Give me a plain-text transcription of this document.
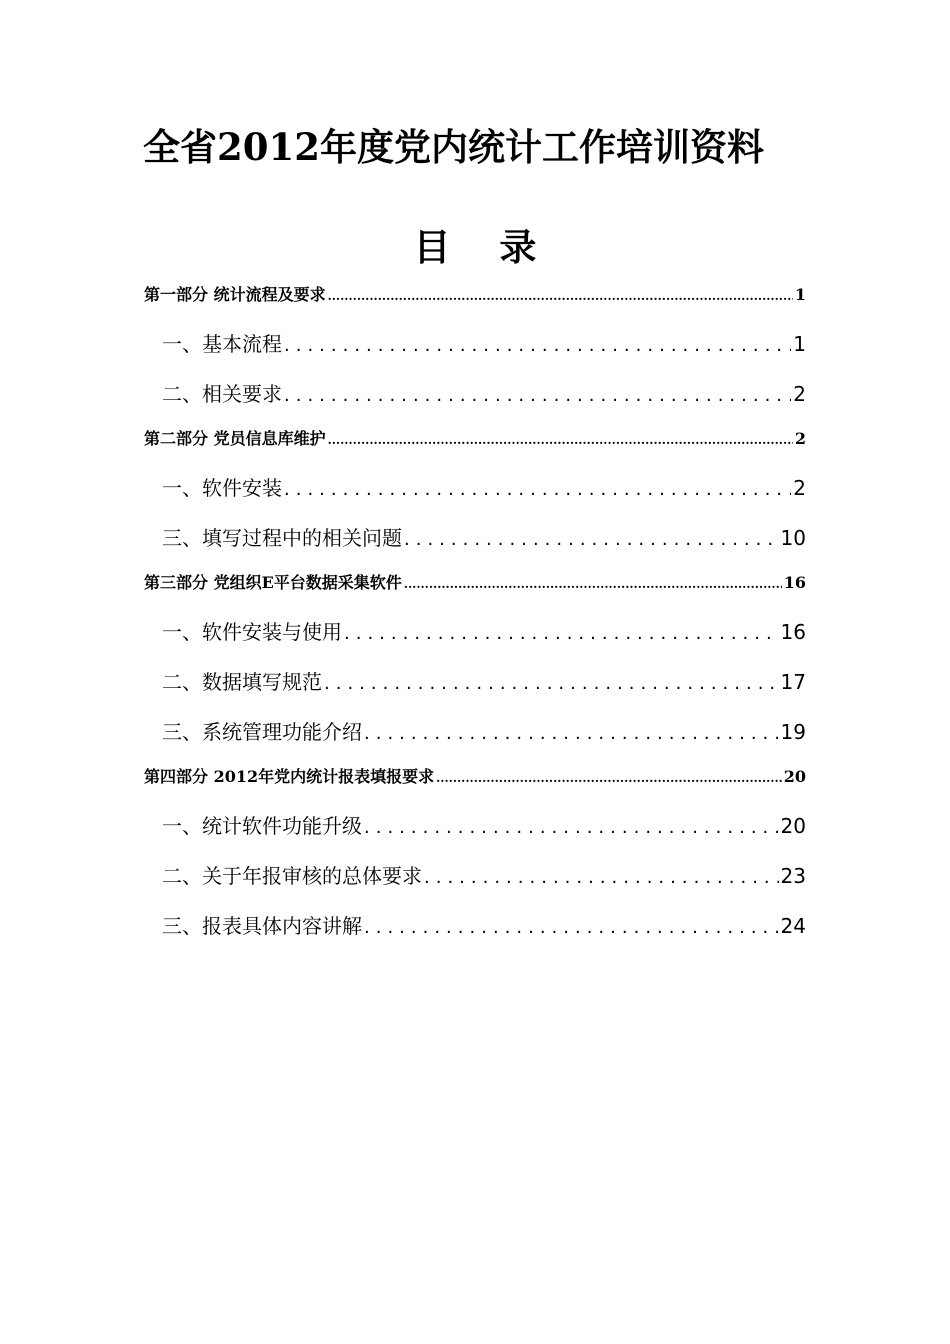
全省2012年度党内统计工作培训资料
目 录
第一部分 统计流程及要求 .....	1
一、基本流程 .....	1
二、相关要求 .....	2
第二部分 党员信息库维护 .....	2
一、软件安装 .....	2
三、填写过程中的相关问题 .....	10
第三部分 党组织E平台数据采集软件 .....	16
一、软件安装与使用 .....	16
二、数据填写规范 .....	17
三、系统管理功能介绍 .....	19
第四部分 2012年党内统计报表填报要求 .....	20
一、统计软件功能升级 .....	20
二、关于年报审核的总体要求 .....	23
三、报表具体内容讲解 .....	24
